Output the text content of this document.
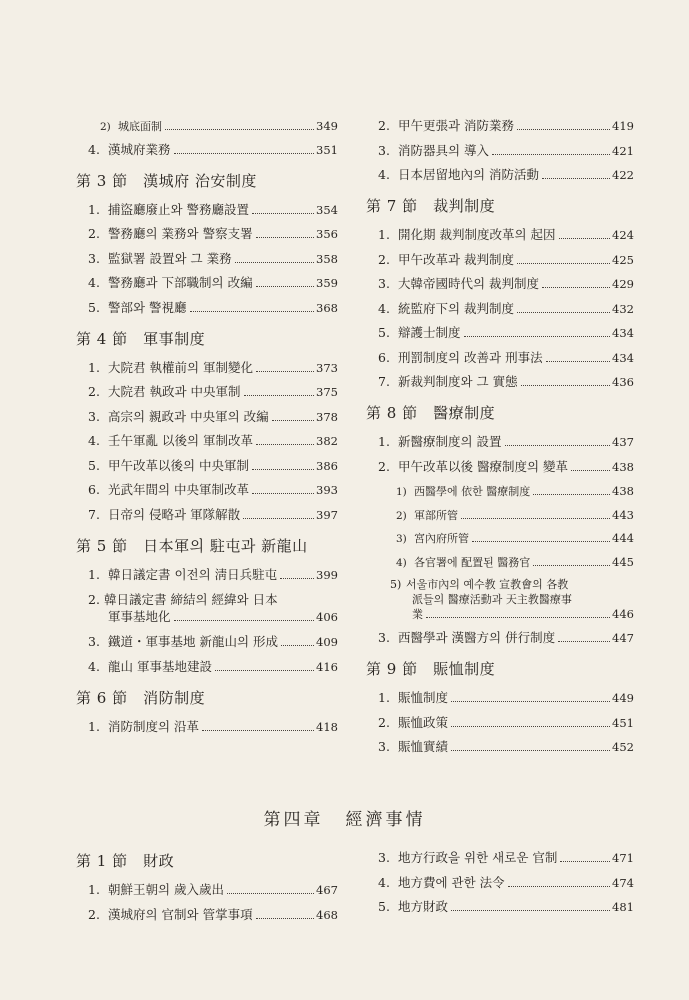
2) 城底面制	349
4. 漢城府業務	351
第 3 節　漢城府 治安制度
1. 捕盜廳廢止와 警務廳設置	354
2. 警務廳의 業務와 警察支署	356
3. 監獄署 設置와 그 業務	358
4. 警務廳과 下部職制의 改編	359
5. 警部와 警視廳	368
第 4 節　軍事制度
1. 大院君 執權前의 軍制變化	373
2. 大院君 執政과 中央軍制	375
3. 高宗의 親政과 中央軍의 改編	378
4. 壬午軍亂 以後의 軍制改革	382
5. 甲午改革以後의 中央軍制	386
6. 光武年間의 中央軍制改革	393
7. 日帝의 侵略과 軍隊解散	397
第 5 節　日本軍의 駐屯과 新龍山
1. 韓日議定書 이전의 淸日兵駐屯	399
2. 韓日議定書 締結의 經緯와 日本
軍事基地化	406
3. 鐵道・軍事基地 新龍山의 形成	409
4. 龍山 軍事基地建設	416
第 6 節　消防制度
1. 消防制度의 沿革	418
2. 甲午更張과 消防業務	419
3. 消防器具의 導入	421
4. 日本居留地內의 消防活動	422
第 7 節　裁判制度
1. 開化期 裁判制度改革의 起因	424
2. 甲午改革과 裁判制度	425
3. 大韓帝國時代의 裁判制度	429
4. 統監府下의 裁判制度	432
5. 辯護士制度	434
6. 刑罰制度의 改善과 刑事法	434
7. 新裁判制度와 그 實態	436
第 8 節　醫療制度
1. 新醫療制度의 設置	437
2. 甲午改革以後 醫療制度의 變革	438
1) 西醫學에 依한 醫療制度	438
2) 軍部所管	443
3) 宮內府所管	444
4) 各官署에 配置된 醫務官	445
5) 서울市內의 예수教 宣教會의 各教
派들의 醫療活動과 天主教醫療事
業	446
3. 西醫學과 漢醫方의 併行制度	447
第 9 節　賑恤制度
1. 賑恤制度	449
2. 賑恤政策	451
3. 賑恤實績	452
第四章 經濟事情
第 1 節　財政
1. 朝鮮王朝의 歲入歲出	467
2. 漢城府의 官制와 管掌事項	468
3. 地方行政을 위한 새로운 官制	471
4. 地方費에 관한 法令	474
5. 地方財政	481
